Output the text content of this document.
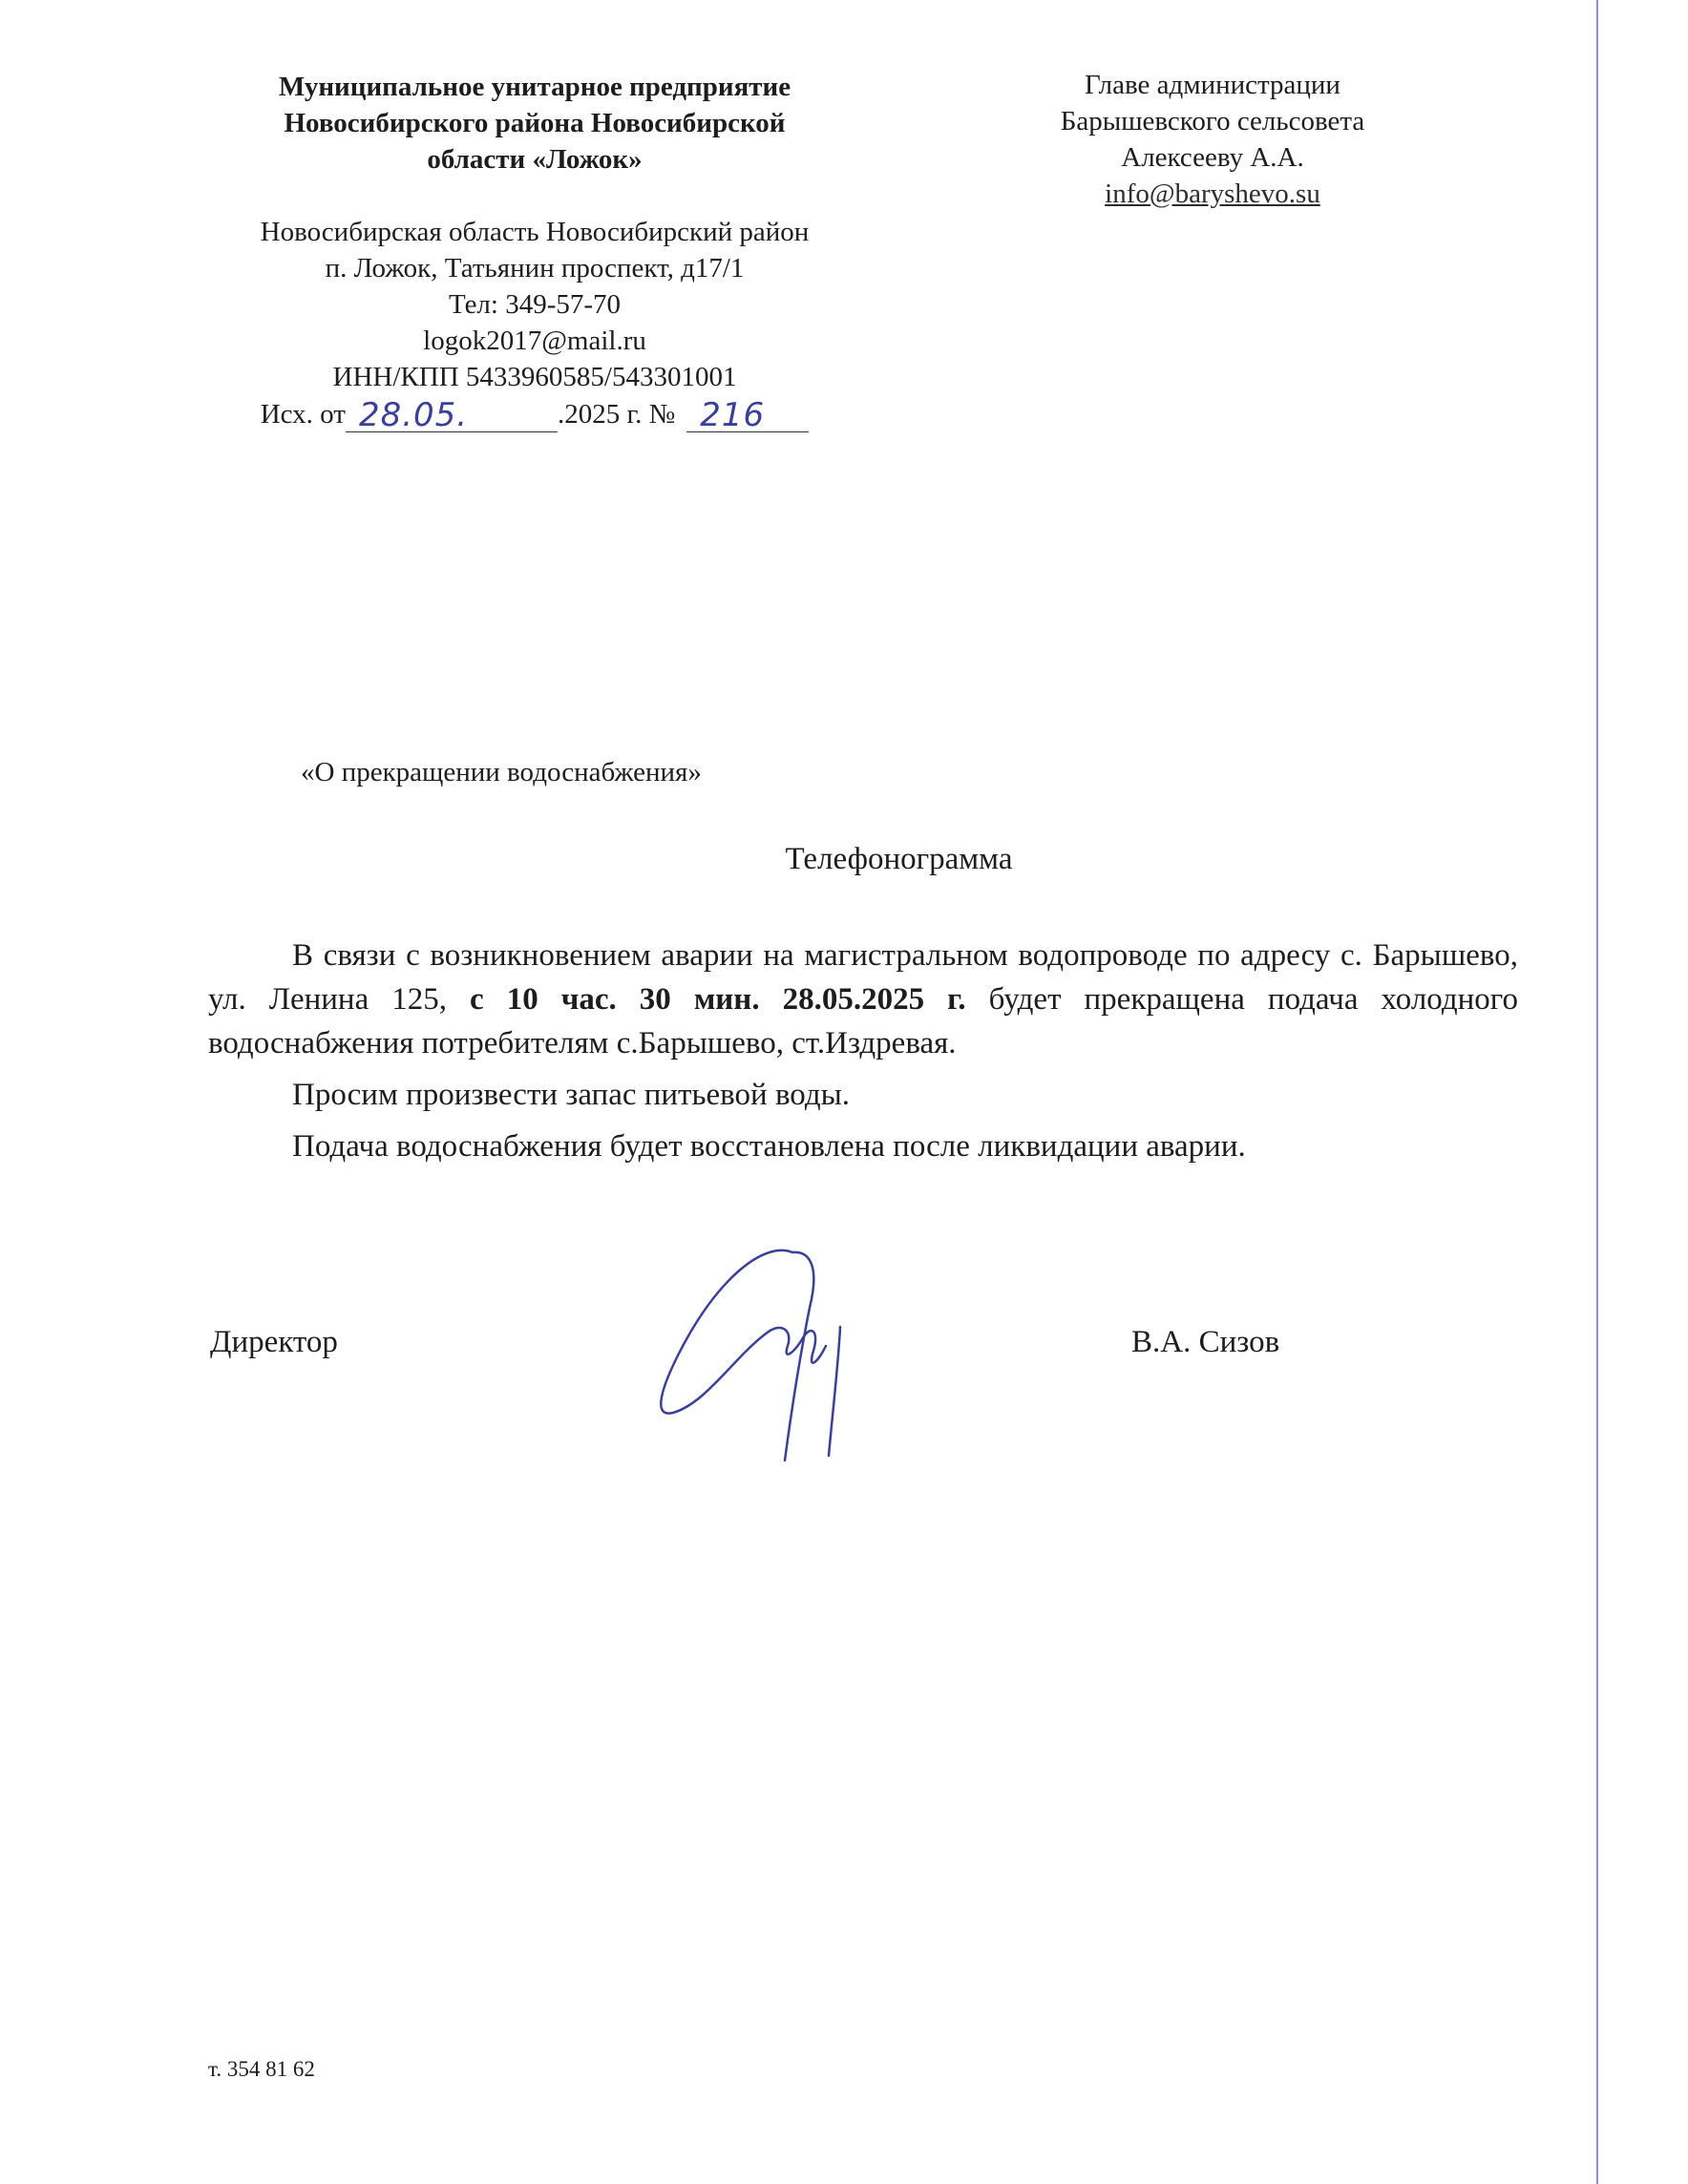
Муниципальное унитарное предприятие
Новосибирского района Новосибирской
области «Ложок»
Новосибирская область Новосибирский район
п. Ложок, Татьянин проспект, д17/1
Тел: 349-57-70
logok2017@mail.ru
ИНН/КПП 5433960585/543301001
Исх. от 28.05.	.2025 г. № 216
Главе администрации
Барышевского сельсовета
Алексееву А.А.
info@baryshevo.su
«О прекращении водоснабжения»
Телефонограмма

В связи с возникновением аварии на магистральном водопроводе по адресу с. Барышево, ул. Ленина 125, с 10 час. 30 мин. 28.05.2025 г. будет прекращена подача холодного водоснабжения потребителям с.Барышево, ст.Издревая.

Просим произвести запас питьевой воды.

Подача водоснабжения будет восстановлена после ликвидации аварии.

Директор	В.А. Сизов
т. 354 81 62
